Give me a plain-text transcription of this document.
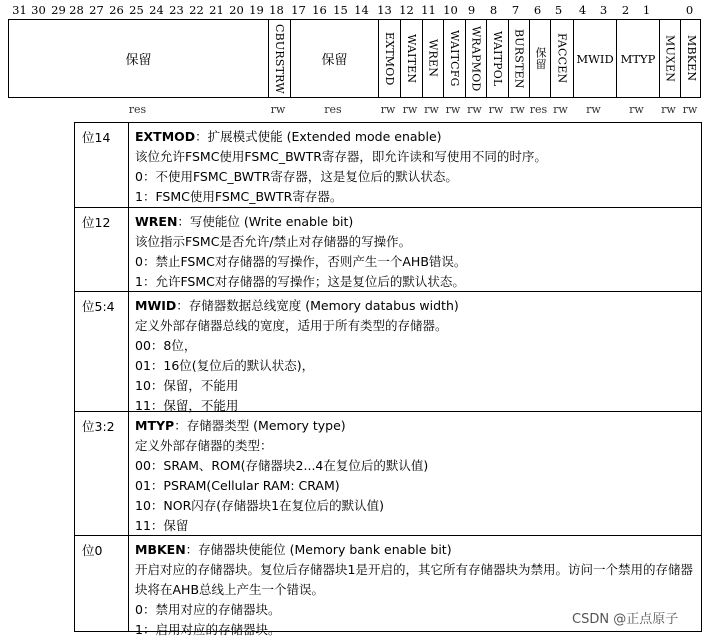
31 30 29 28 27 26 25 24 23 22 21 20 19 18 17 16 15 14 13 12 11 10 9	8	7	6	5	4	3	2	1	0
保留	CBURSTRW	保留	EXTMOD WAITEN WREN WAITCFG WRAPMOD WAITPOL BURSTEN 保留 FACCEN MWID MTYP MUXEN MBKEN
res	rw	res	rw rw rw rw rw rw rw res rw	rw	rw	rw rw
位14 EXTMOD：扩展模式使能 (Extended mode enable)
该位允许FSMC使用FSMC_BWTR寄存器，即允许读和写使用不同的时序。
0：不使用FSMC_BWTR寄存器，这是复位后的默认状态。
1：FSMC使用FSMC_BWTR寄存器。
位12 WREN：写使能位 (Write enable bit)
该位指示FSMC是否允许/禁止对存储器的写操作。
0：禁止FSMC对存储器的写操作，否则产生一个AHB错误。
1：允许FSMC对存储器的写操作；这是复位后的默认状态。
位5:4 MWID：存储器数据总线宽度 (Memory databus width)
定义外部存储器总线的宽度，适用于所有类型的存储器。
00：8位，
01：16位(复位后的默认状态)，
10：保留，不能用
11：保留，不能用
位3:2 MTYP：存储器类型 (Memory type)
定义外部存储器的类型：
00：SRAM、ROM(存储器块2...4在复位后的默认值)
01：PSRAM(Cellular RAM: CRAM)
10：NOR闪存(存储器块1在复位后的默认值)
11：保留
位0	MBKEN：存储器块使能位 (Memory bank enable bit)
开启对应的存储器块。复位后存储器块1是开启的，其它所有存储器块为禁用。访问一个禁用的存储器块将在AHB总线上产生一个错误。
0：禁用对应的存储器块。
1：启用对应的存储器块。
CSDN @正点原子
